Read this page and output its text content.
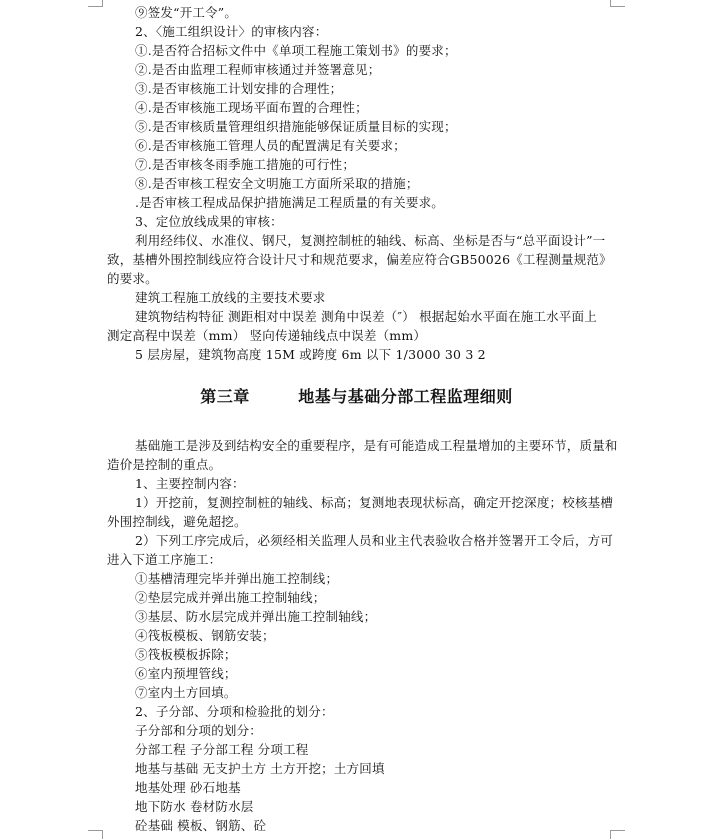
⑨签发“开工令”。
2、〈施工组织设计〉的审核内容：
①.是否符合招标文件中《单项工程施工策划书》的要求；
②.是否由监理工程师审核通过并签署意见；
③.是否审核施工计划安排的合理性；
④.是否审核施工现场平面布置的合理性；
⑤.是否审核质量管理组织措施能够保证质量目标的实现；
⑥.是否审核施工管理人员的配置满足有关要求；
⑦.是否审核冬雨季施工措施的可行性；
⑧.是否审核工程安全文明施工方面所采取的措施；
.是否审核工程成品保护措施满足工程质量的有关要求。
3、定位放线成果的审核：
利用经纬仪、水准仪、钢尺，复测控制桩的轴线、标高、坐标是否与“总平面设计”一
致，基槽外围控制线应符合设计尺寸和规范要求，偏差应符合GB50026《工程测量规范》
的要求。
建筑工程施工放线的主要技术要求
建筑物结构特征 测距相对中误差 测角中误差（″） 根据起始水平面在施工水平面上
测定高程中误差（mm） 竖向传递轴线点中误差（mm）
5 层房屋，建筑物高度 15M 或跨度 6m 以下 1/3000 30 3 2
第三章        地基与基础分部工程监理细则
基础施工是涉及到结构安全的重要程序，是有可能造成工程量增加的主要环节，质量和
造价是控制的重点。
1、主要控制内容：
1）开挖前，复测控制桩的轴线、标高；复测地表现状标高，确定开挖深度；校核基槽
外围控制线，避免超挖。
2）下列工序完成后，必须经相关监理人员和业主代表验收合格并签署开工令后，方可
进入下道工序施工：
①基槽清理完毕并弹出施工控制线；
②垫层完成并弹出施工控制轴线；
③基层、防水层完成并弹出施工控制轴线；
④筏板模板、钢筋安装；
⑤筏板模板拆除；
⑥室内预埋管线；
⑦室内土方回填。
2、子分部、分项和检验批的划分：
子分部和分项的划分：
分部工程 子分部工程 分项工程
地基与基础 无支护土方 土方开挖；土方回填
地基处理 砂石地基
地下防水 卷材防水层
砼基础 模板、钢筋、砼
